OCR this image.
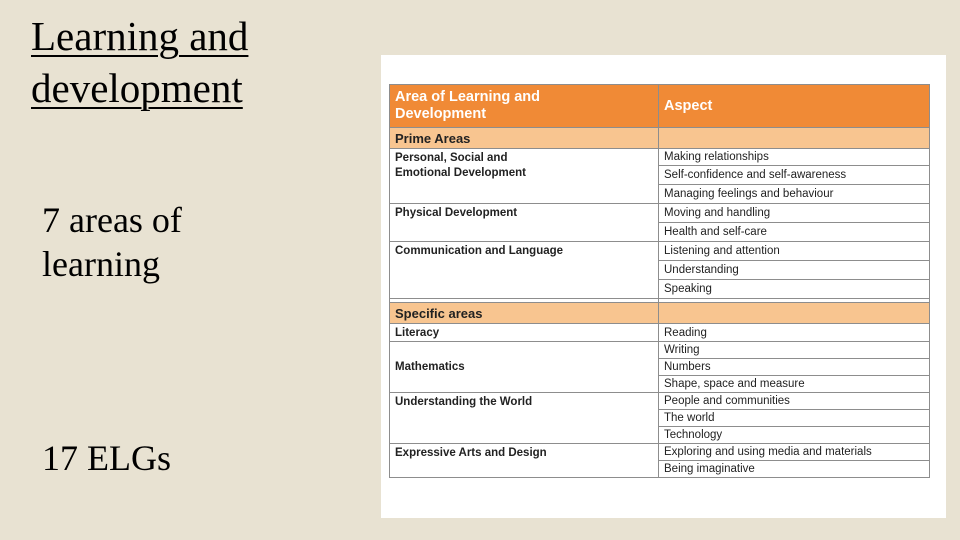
Learning and
development

7 areas of
learning

17 ELGs

Area of Learning and
Development	Aspect
Prime Areas	

Personal, Social and
Emotional Development	Making relationships
	Self-confidence and self-awareness
	Managing feelings and behaviour

Physical Development	Moving and handling
	Health and self-care

Communication and Language	Listening and attention
	Understanding
	Speaking

Specific areas	

Literacy	Reading

Mathematics	Writing
	Numbers
	Shape, space and measure

Understanding the World	People and communities
	The world
	Technology

Expressive Arts and Design	Exploring and using media and materials
	Being imaginative
